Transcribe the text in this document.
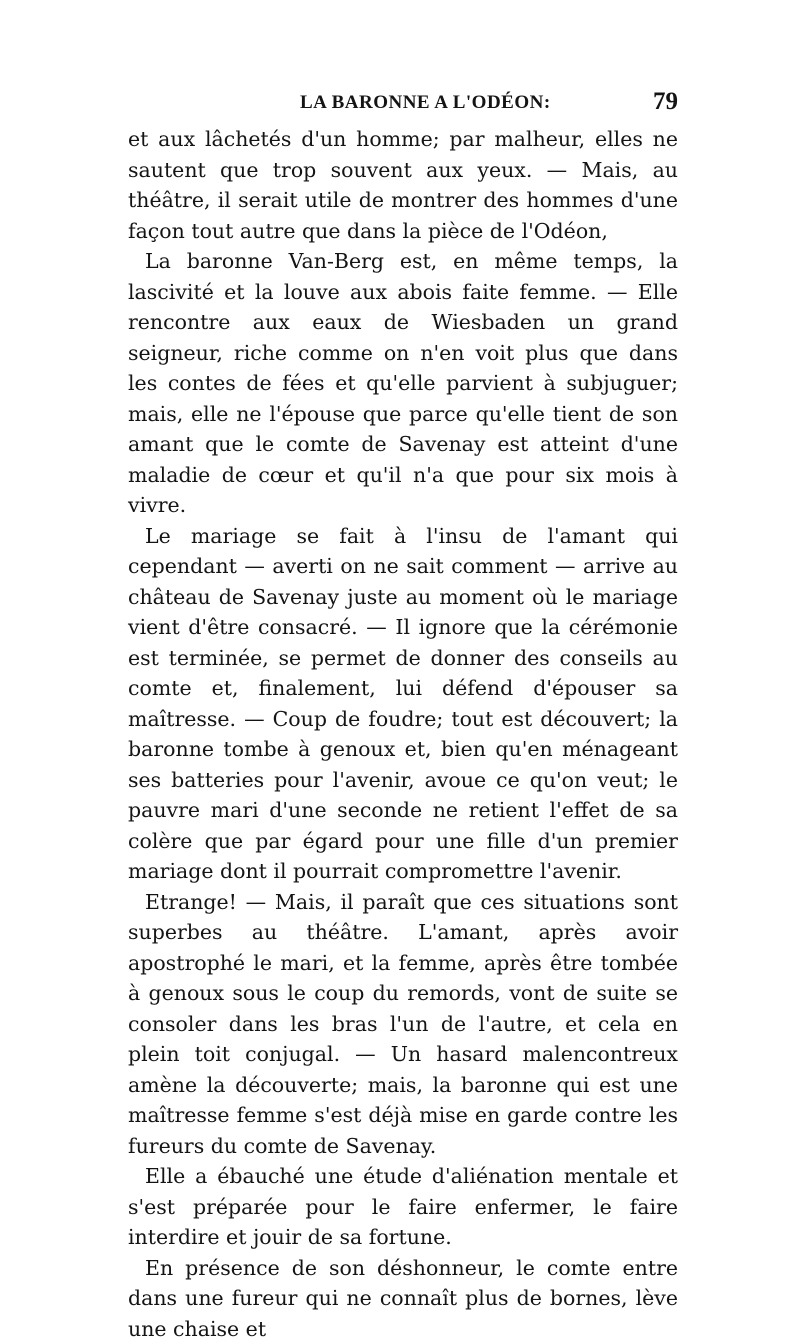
LA BARONNE A L'ODÉON:	79

et aux lâchetés d'un homme; par malheur, elles ne sautent que trop souvent aux yeux. — Mais, au théâtre, il serait utile de montrer des hommes d'une façon tout autre que dans la pièce de l'Odéon,

La baronne Van-Berg est, en même temps, la lascivité et la louve aux abois faite femme. — Elle rencontre aux eaux de Wiesbaden un grand seigneur, riche comme on n'en voit plus que dans les contes de fées et qu'elle parvient à subjuguer; mais, elle ne l'épouse que parce qu'elle tient de son amant que le comte de Savenay est atteint d'une maladie de cœur et qu'il n'a que pour six mois à vivre.

Le mariage se fait à l'insu de l'amant qui cependant — averti on ne sait comment — arrive au château de Savenay juste au moment où le mariage vient d'être consacré. — Il ignore que la cérémonie est terminée, se permet de donner des conseils au comte et, finalement, lui défend d'épouser sa maîtresse. — Coup de foudre; tout est découvert; la baronne tombe à genoux et, bien qu'en ménageant ses batteries pour l'avenir, avoue ce qu'on veut; le pauvre mari d'une seconde ne retient l'effet de sa colère que par égard pour une fille d'un premier mariage dont il pourrait compromettre l'avenir.

Etrange! — Mais, il paraît que ces situations sont superbes au théâtre. L'amant, après avoir apostrophé le mari, et la femme, après être tombée à genoux sous le coup du remords, vont de suite se consoler dans les bras l'un de l'autre, et cela en plein toit conjugal. — Un hasard malencontreux amène la découverte; mais, la baronne qui est une maîtresse femme s'est déjà mise en garde contre les fureurs du comte de Savenay.

Elle a ébauché une étude d'aliénation mentale et s'est préparée pour le faire enfermer, le faire interdire et jouir de sa fortune.

En présence de son déshonneur, le comte entre dans une fureur qui ne connaît plus de bornes, lève une chaise et
